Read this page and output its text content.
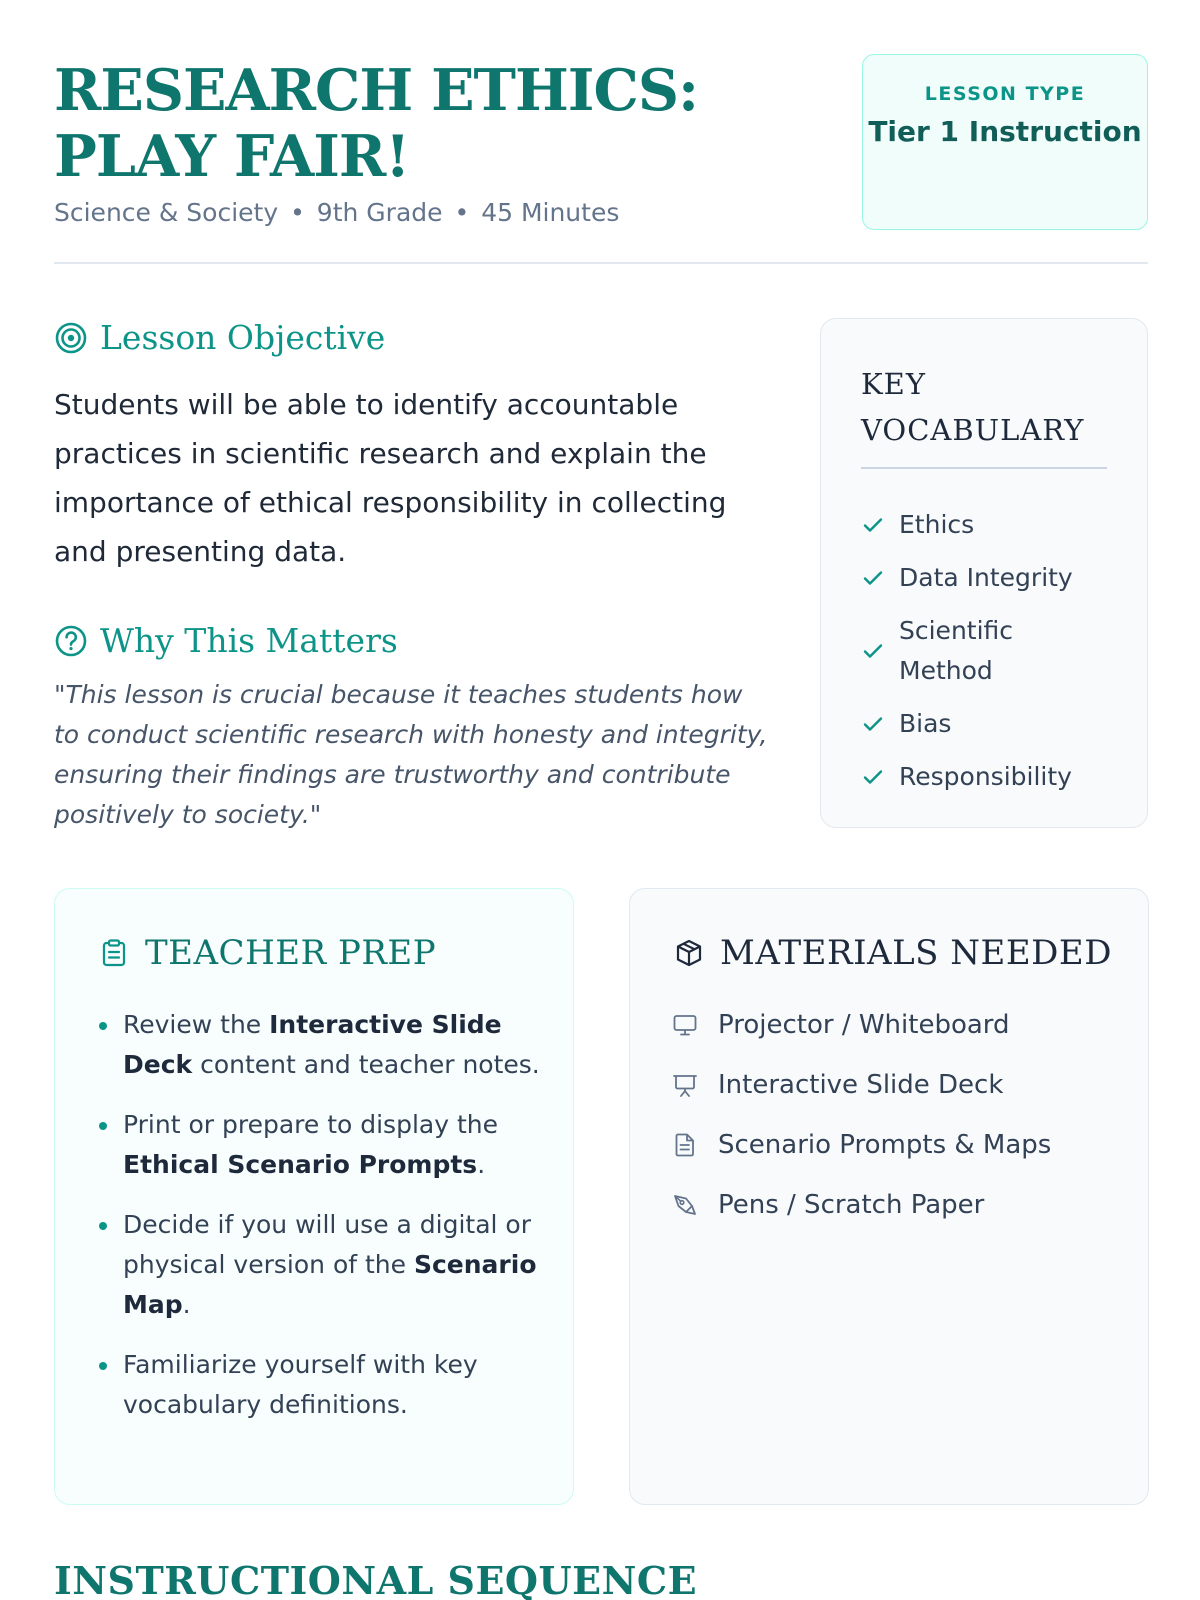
RESEARCH ETHICS: PLAY FAIR!
Science & Society • 9th Grade • 45 Minutes
LESSON TYPE
Tier 1 Instruction
Lesson Objective

Students will be able to identify accountable practices in scientific research and explain the importance of ethical responsibility in collecting and presenting data.

Why This Matters

"This lesson is crucial because it teaches students how to conduct scientific research with honesty and integrity, ensuring their findings are trustworthy and contribute positively to society."

KEY VOCABULARY
Ethics
Data Integrity
Scientific Method
Bias
Responsibility
TEACHER PREP
Review the Interactive Slide Deck content and teacher notes.
Print or prepare to display the Ethical Scenario Prompts.
Decide if you will use a digital or physical version of the Scenario Map.
Familiarize yourself with key vocabulary definitions.
MATERIALS NEEDED
Projector / Whiteboard
Interactive Slide Deck
Scenario Prompts & Maps
Pens / Scratch Paper
INSTRUCTIONAL SEQUENCE
